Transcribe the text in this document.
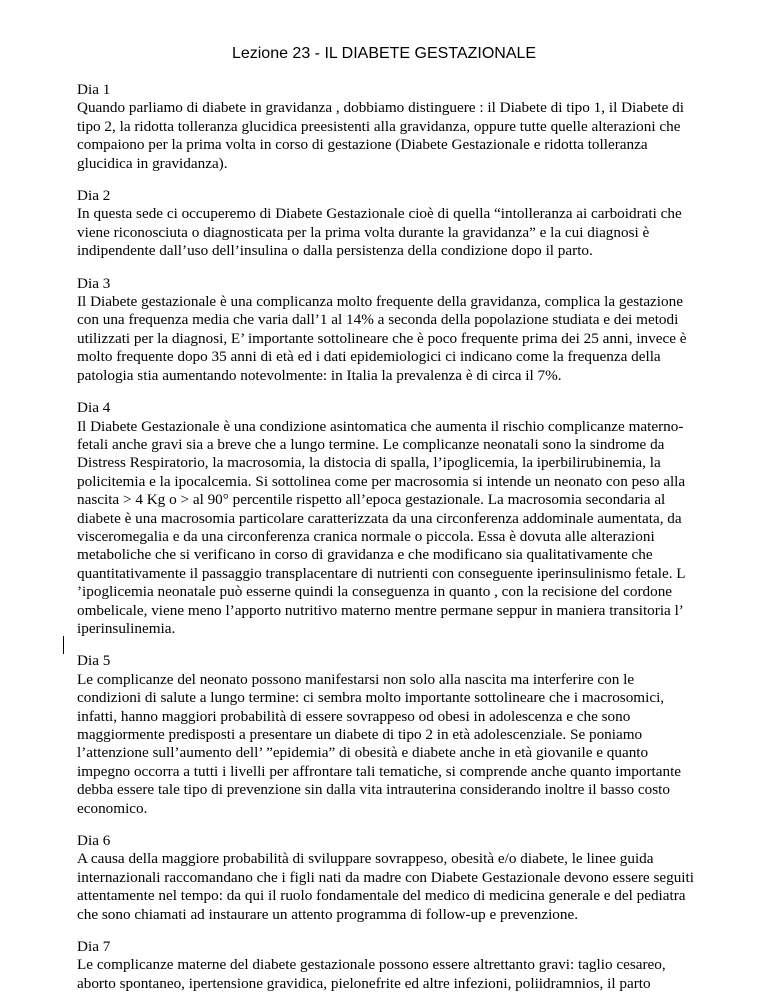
Lezione 23 - IL DIABETE GESTAZIONALE

Dia 1

Quando parliamo di diabete in gravidanza , dobbiamo distinguere : il Diabete di tipo 1, il Diabete di tipo 2, la ridotta tolleranza glucidica preesistenti alla gravidanza, oppure tutte quelle alterazioni che compaiono per la prima volta in corso di gestazione (Diabete Gestazionale e ridotta tolleranza glucidica in gravidanza).

Dia 2

In questa sede ci occuperemo di Diabete Gestazionale cioè di quella “intolleranza ai carboidrati che viene riconosciuta o diagnosticata per la prima volta durante la gravidanza” e la cui diagnosi è indipendente dall’uso dell’insulina o dalla persistenza della condizione dopo il parto.

Dia 3

Il Diabete gestazionale è una complicanza molto frequente della gravidanza, complica la gestazione con una frequenza media che varia dall’1 al 14% a seconda della popolazione studiata e dei metodi utilizzati per la diagnosi, E’ importante sottolineare che è poco frequente prima dei 25 anni, invece è molto frequente dopo 35 anni di età ed i dati epidemiologici ci indicano come la frequenza della patologia stia aumentando notevolmente: in Italia la prevalenza è di circa il 7%.

Dia 4

Il Diabete Gestazionale è una condizione asintomatica che aumenta il rischio complicanze materno-fetali anche gravi sia a breve che a lungo termine. Le complicanze neonatali sono la sindrome da Distress Respiratorio, la macrosomia, la distocia di spalla, l’ipoglicemia, la iperbilirubinemia, la policitemia e la ipocalcemia. Si sottolinea come per macrosomia si intende un neonato con peso alla nascita > 4 Kg o > al 90° percentile rispetto all’epoca gestazionale. La macrosomia secondaria al diabete è una macrosomia particolare caratterizzata da una circonferenza addominale aumentata, da visceromegalia e da una circonferenza cranica normale o piccola. Essa è dovuta alle alterazioni metaboliche che si verificano in corso di gravidanza e che modificano sia qualitativamente che quantitativamente il passaggio transplacentare di nutrienti con conseguente iperinsulinismo fetale. L ’ipoglicemia neonatale può esserne quindi la conseguenza in quanto , con la recisione del cordone ombelicale, viene meno l’apporto nutritivo materno mentre permane seppur in maniera transitoria l’ iperinsulinemia.

Dia 5

Le complicanze del neonato possono manifestarsi non solo alla nascita ma interferire con le condizioni di salute a lungo termine: ci sembra molto importante sottolineare che i macrosomici, infatti, hanno maggiori probabilità di essere sovrappeso od obesi in adolescenza e che sono maggiormente predisposti a presentare un diabete di tipo 2 in età adolescenziale. Se poniamo l’attenzione sull’aumento dell’ ”epidemia” di obesità e diabete anche in età giovanile e quanto impegno occorra a tutti i livelli per affrontare tali tematiche, si comprende anche quanto importante debba essere tale tipo di prevenzione sin dalla vita intrauterina considerando inoltre il basso costo economico.

Dia 6

A causa della maggiore probabilità di sviluppare sovrappeso, obesità e/o diabete, le linee guida internazionali raccomandano che i figli nati da madre con Diabete Gestazionale devono essere seguiti attentamente nel tempo: da qui il ruolo fondamentale del medico di medicina generale e del pediatra che sono chiamati ad instaurare un attento programma di follow-up e prevenzione.

Dia 7

Le complicanze materne del diabete gestazionale possono essere altrettanto gravi: taglio cesareo, aborto spontaneo, ipertensione gravidica, pielonefrite ed altre infezioni, poliidramnios, il parto
